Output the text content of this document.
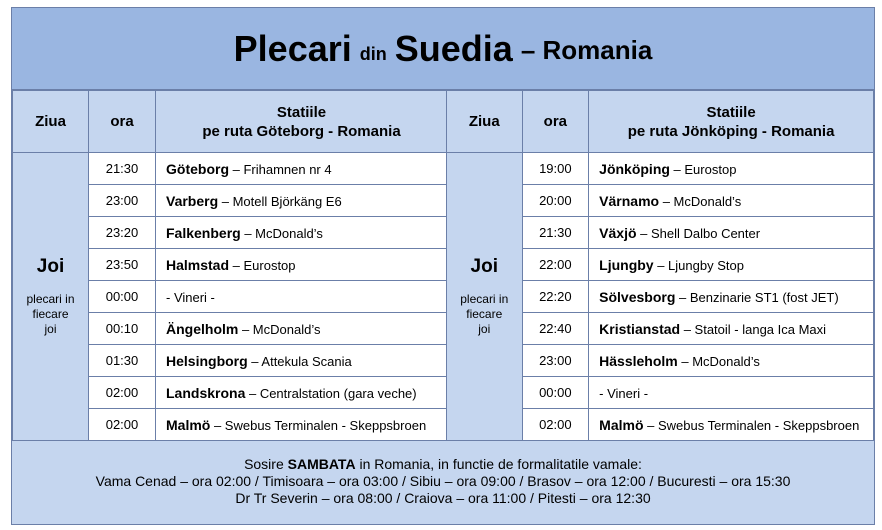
Plecari din Suedia – Romania
Ziua	ora	Statiile
pe ruta Göteborg - Romania

Joi
plecari in
fiecare
joi	21:30	Göteborg – Frihamnen nr 4
	23:00	Varberg – Motell Björkäng E6
	23:20	Falkenberg – McDonald’s
	23:50	Halmstad – Eurostop
	00:00	- Vineri -
	00:10	Ängelholm – McDonald’s
	01:30	Helsingborg – Attekula Scania
	02:00	Landskrona – Centralstation (gara veche)
	02:00	Malmö – Swebus Terminalen - Skeppsbroen
Ziua	ora	Statiile
pe ruta Jönköping - Romania

Joi
plecari in
fiecare
joi	19:00	Jönköping – Eurostop
	20:00	Värnamo – McDonald’s
	21:30	Växjö – Shell Dalbo Center
	22:00	Ljungby – Ljungby Stop
	22:20	Sölvesborg – Benzinarie ST1 (fost JET)
	22:40	Kristianstad – Statoil - langa Ica Maxi
	23:00	Hässleholm – McDonald’s
	00:00	- Vineri -
	02:00	Malmö – Swebus Terminalen - Skeppsbroen
Sosire SAMBATA in Romania, in functie de formalitatile vamale:
Vama Cenad – ora 02:00 / Timisoara – ora 03:00 / Sibiu – ora 09:00 / Brasov – ora 12:00 / Bucuresti – ora 15:30
Dr Tr Severin – ora 08:00 / Craiova – ora 11:00 / Pitesti – ora 12:30
